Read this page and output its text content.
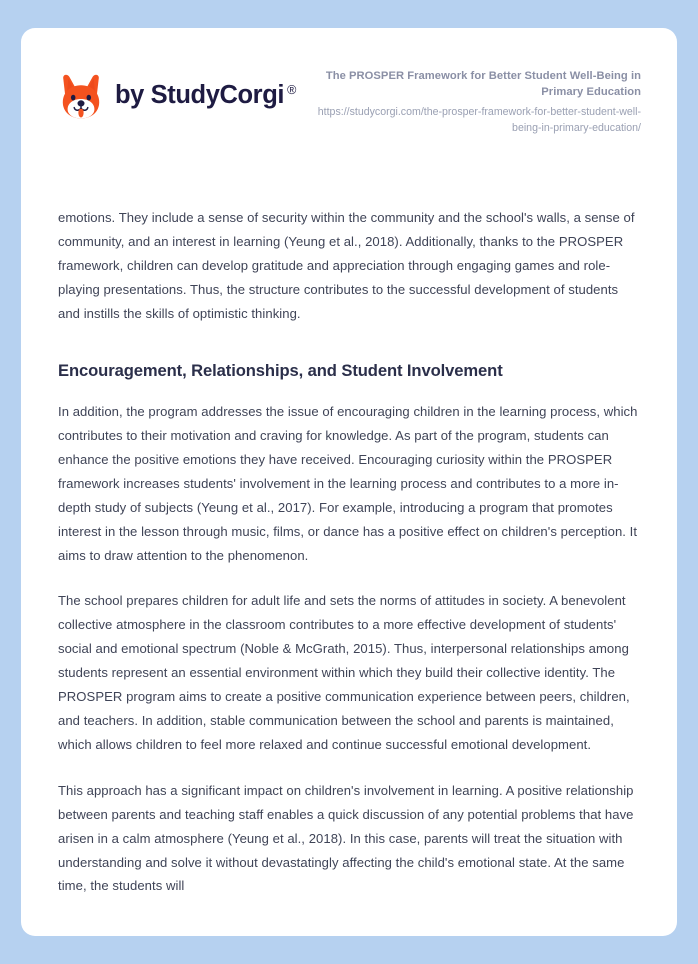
by StudyCorgi ®
The PROSPER Framework for Better Student Well-Being in Primary Education
https://studycorgi.com/the-prosper-framework-for-better-student-well-being-in-primary-education/

emotions. They include a sense of security within the community and the school's walls, a sense of community, and an interest in learning (Yeung et al., 2018). Additionally, thanks to the PROSPER framework, children can develop gratitude and appreciation through engaging games and role-playing presentations. Thus, the structure contributes to the successful development of students and instills the skills of optimistic thinking.

Encouragement, Relationships, and Student Involvement

In addition, the program addresses the issue of encouraging children in the learning process, which contributes to their motivation and craving for knowledge. As part of the program, students can enhance the positive emotions they have received. Encouraging curiosity within the PROSPER framework increases students' involvement in the learning process and contributes to a more in-depth study of subjects (Yeung et al., 2017). For example, introducing a program that promotes interest in the lesson through music, films, or dance has a positive effect on children's perception. It aims to draw attention to the phenomenon.

The school prepares children for adult life and sets the norms of attitudes in society. A benevolent collective atmosphere in the classroom contributes to a more effective development of students' social and emotional spectrum (Noble & McGrath, 2015). Thus, interpersonal relationships among students represent an essential environment within which they build their collective identity. The PROSPER program aims to create a positive communication experience between peers, children, and teachers. In addition, stable communication between the school and parents is maintained, which allows children to feel more relaxed and continue successful emotional development.

This approach has a significant impact on children's involvement in learning. A positive relationship between parents and teaching staff enables a quick discussion of any potential problems that have arisen in a calm atmosphere (Yeung et al., 2018). In this case, parents will treat the situation with understanding and solve it without devastatingly affecting the child's emotional state. At the same time, the students will
